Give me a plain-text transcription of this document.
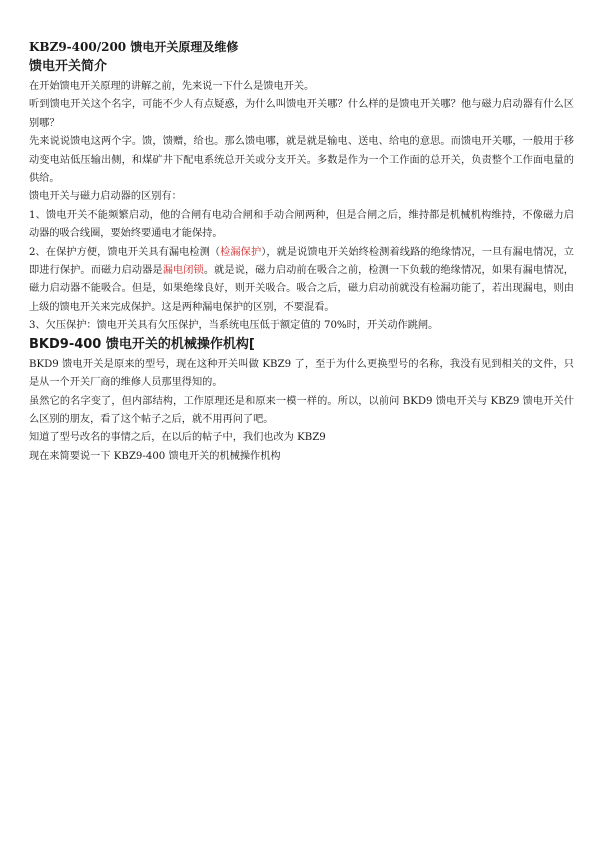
KBZ9-400/200 馈电开关原理及维修
馈电开关简介

在开始馈电开关原理的讲解之前，先来说一下什么是馈电开关。

听到馈电开关这个名字，可能不少人有点疑惑，为什么叫馈电开关哪？什么样的是馈电开关哪？他与磁力启动器有什么区别哪？

先来说说馈电这两个字。馈，馈赠，给也。那么馈电哪，就是就是输电、送电、给电的意思。而馈电开关哪，一般用于移动变电站低压输出侧，和煤矿井下配电系统总开关或分支开关。多数是作为一个工作面的总开关，负责整个工作面电量的供给。

馈电开关与磁力启动器的区别有：

1、馈电开关不能频繁启动，他的合闸有电动合闸和手动合闸两种，但是合闸之后，维持都是机械机构维持，不像磁力启动器的吸合线圈，要始终要通电才能保持。

2、在保护方便，馈电开关具有漏电检测（检漏保护），就是说馈电开关始终检测着线路的绝缘情况，一旦有漏电情况，立即进行保护。而磁力启动器是漏电闭锁。就是说，磁力启动前在吸合之前，检测一下负载的绝缘情况，如果有漏电情况，磁力启动器不能吸合。但是，如果绝缘良好，则开关吸合。吸合之后，磁力启动前就没有检漏功能了，若出现漏电，则由上级的馈电开关来完成保护。这是两种漏电保护的区别，不要混看。

3、欠压保护：馈电开关具有欠压保护，当系统电压低于额定值的 70%时，开关动作跳闸。

BKD9-400 馈电开关的机械操作机构[

BKD9 馈电开关是原来的型号，现在这种开关叫做 KBZ9 了，至于为什么更换型号的名称，我没有见到相关的文件，只是从一个开关厂商的维修人员那里得知的。

虽然它的名字变了，但内部结构，工作原理还是和原来一模一样的。所以，以前问 BKD9 馈电开关与 KBZ9 馈电开关什么区别的朋友，看了这个帖子之后，就不用再问了吧。

知道了型号改名的事情之后，在以后的帖子中，我们也改为 KBZ9

现在来简要说一下 KBZ9-400 馈电开关的机械操作机构
